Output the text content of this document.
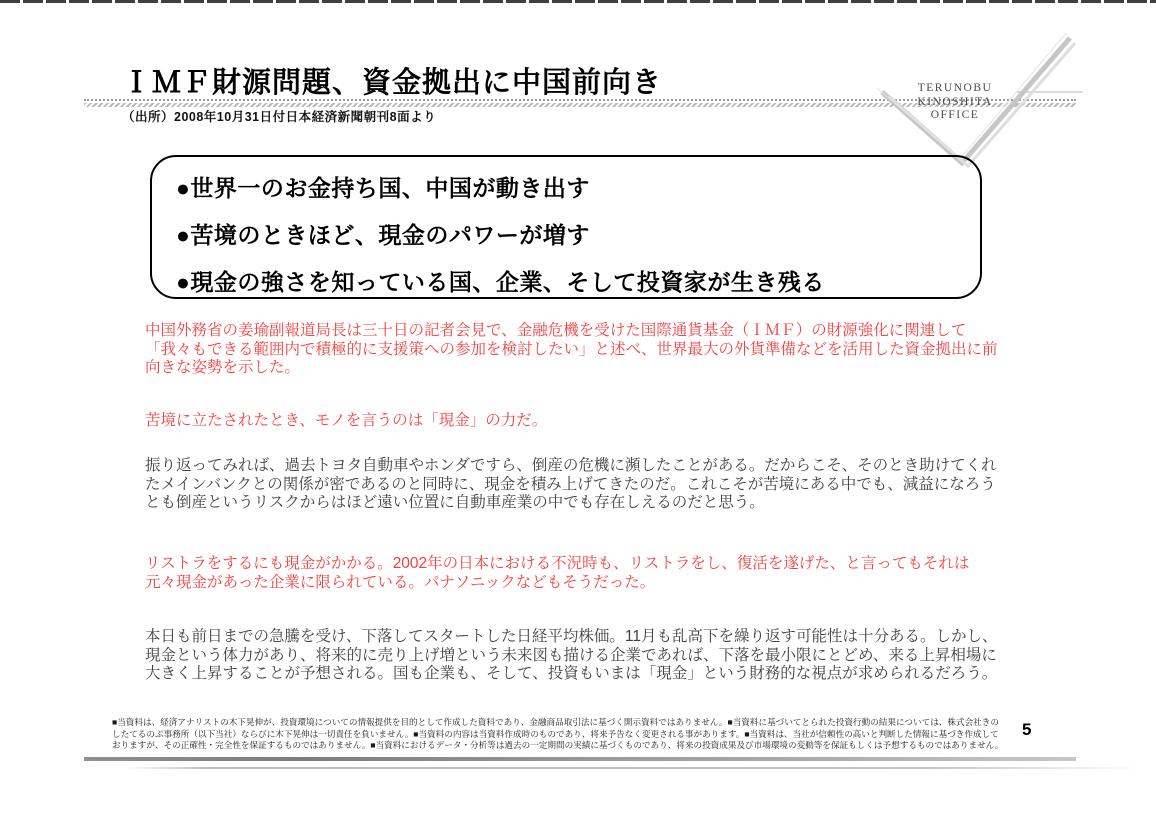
ＩＭＦ財源問題、資金拠出に中国前向き
（出所）2008年10月31日付日本経済新聞朝刊8面より
TERUNOBU
KINOSHITA
OFFICE
●世界一のお金持ち国、中国が動き出す
●苦境のときほど、現金のパワーが増す
●現金の強さを知っている国、企業、そして投資家が生き残る
中国外務省の姜瑜副報道局長は三十日の記者会見で、金融危機を受けた国際通貨基金（ＩＭＦ）の財源強化に関連して
「我々もできる範囲内で積極的に支援策への参加を検討したい」と述べ、世界最大の外貨準備などを活用した資金拠出に前
向きな姿勢を示した。
苦境に立たされたとき、モノを言うのは「現金」の力だ。
振り返ってみれば、過去トヨタ自動車やホンダですら、倒産の危機に瀕したことがある。だからこそ、そのとき助けてくれ
たメインバンクとの関係が密であるのと同時に、現金を積み上げてきたのだ。これこそが苦境にある中でも、減益になろう
とも倒産というリスクからはほど遠い位置に自動車産業の中でも存在しえるのだと思う。
リストラをするにも現金がかかる。2002年の日本における不況時も、リストラをし、復活を遂げた、と言ってもそれは
元々現金があった企業に限られている。パナソニックなどもそうだった。
本日も前日までの急騰を受け、下落してスタートした日経平均株価。11月も乱高下を繰り返す可能性は十分ある。しかし、
現金という体力があり、将来的に売り上げ増という未来図も描ける企業であれば、下落を最小限にとどめ、来る上昇相場に
大きく上昇することが予想される。国も企業も、そして、投資もいまは「現金」という財務的な視点が求められるだろう。
■当資料は、経済アナリストの木下晃伸が、投資環境についての情報提供を目的として作成した資料であり、金融商品取引法に基づく開示資料ではありません。■当資料に基づいてとられた投資行動の結果については、株式会社きの
したてるのぶ事務所（以下当社）ならびに木下晃伸は一切責任を負いません。■当資料の内容は当資料作成時のものであり、将来予告なく変更される事があります。■当資料は、当社が信頼性の高いと判断した情報に基づき作成して
おりますが、その正確性・完全性を保証するものではありません。■当資料におけるデータ・分析等は過去の一定期間の実績に基づくものであり、将来の投資成果及び市場環境の変動等を保証もしくは予想するものではありません。
5
